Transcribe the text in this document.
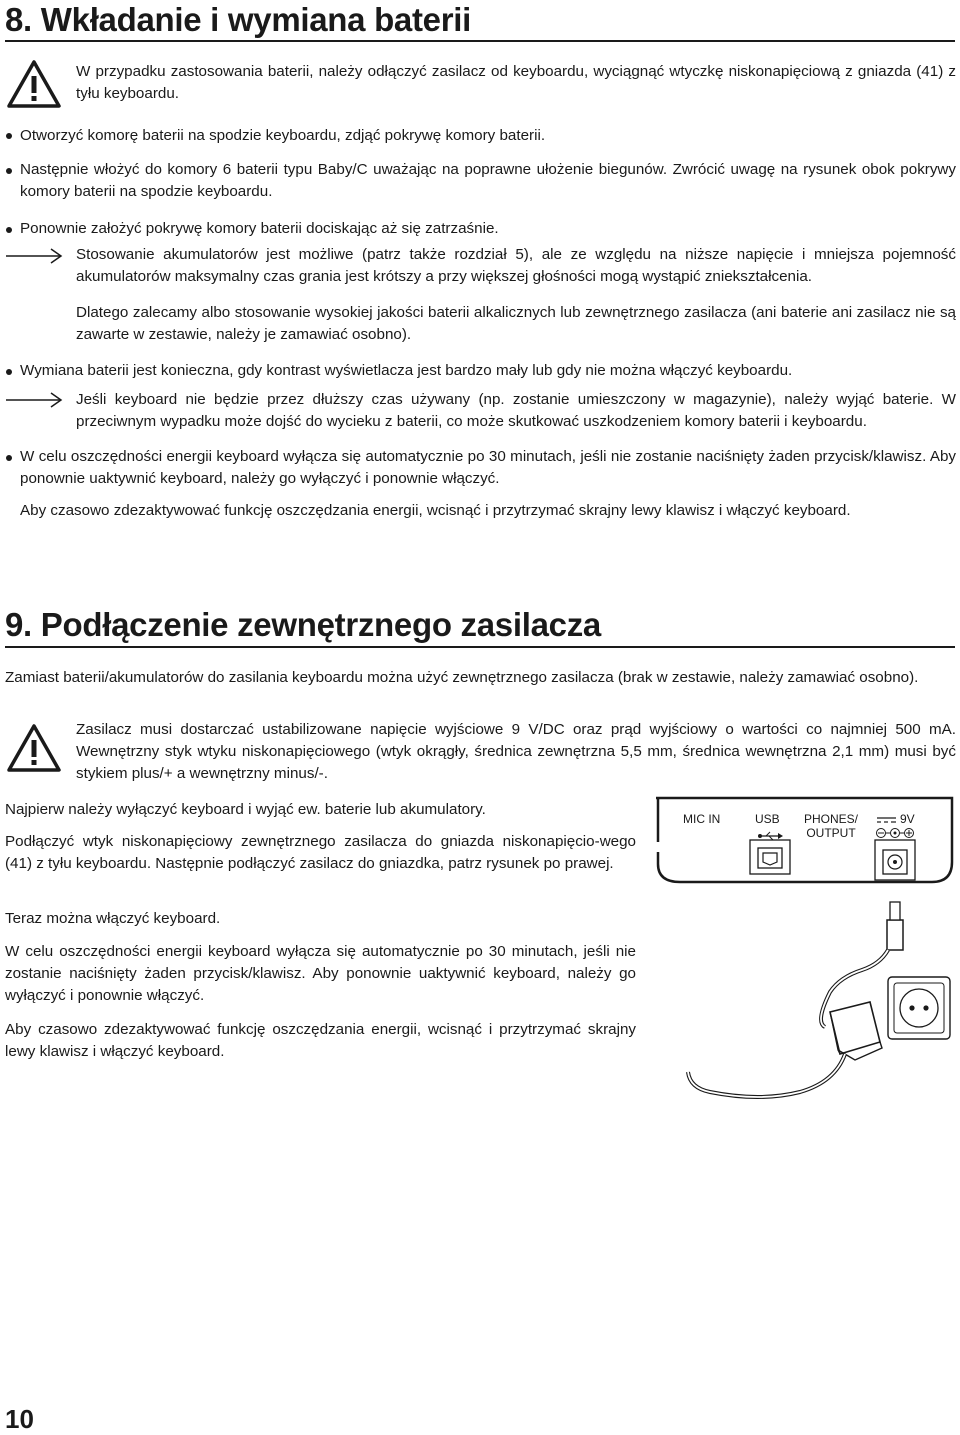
8. Wkładanie i wymiana baterii
W przypadku zastosowania baterii, należy odłączyć zasilacz od keyboardu, wyciągnąć wtyczkę niskonapięciową z gniazda (41) z tyłu keyboardu.
Otworzyć komorę baterii na spodzie keyboardu, zdjąć pokrywę komory baterii.
Następnie włożyć do komory 6 baterii typu Baby/C uważając na poprawne ułożenie biegunów. Zwrócić uwagę na rysunek obok pokrywy komory baterii na spodzie keyboardu.
Ponownie założyć pokrywę komory baterii dociskając aż się zatrzaśnie.
Stosowanie akumulatorów jest możliwe (patrz także rozdział 5), ale ze względu na niższe napięcie i mniejsza pojemność akumulatorów maksymalny czas grania jest krótszy a przy większej głośności mogą wystąpić zniekształcenia.
Dlatego zalecamy albo stosowanie wysokiej jakości baterii alkalicznych lub zewnętrznego zasilacza (ani baterie ani zasilacz nie są zawarte w zestawie, należy je zamawiać osobno).
Wymiana baterii jest konieczna, gdy kontrast wyświetlacza jest bardzo mały lub gdy nie można włączyć keyboardu.
Jeśli keyboard nie będzie przez dłuższy czas używany (np. zostanie umieszczony w magazynie), należy wyjąć baterie. W przeciwnym wypadku może dojść do wycieku z baterii, co może skutkować uszkodzeniem komory baterii i keyboardu.
W celu oszczędności energii keyboard wyłącza się automatycznie po 30 minutach, jeśli nie zostanie naciśnięty żaden przycisk/klawisz. Aby ponownie uaktywnić keyboard, należy go wyłączyć i ponownie włączyć.
Aby czasowo zdezaktywować funkcję oszczędzania energii, wcisnąć i przytrzymać skrajny lewy klawisz i włączyć keyboard.
9. Podłączenie zewnętrznego zasilacza
Zamiast baterii/akumulatorów do zasilania keyboardu można użyć zewnętrznego zasilacza (brak w zestawie, należy zamawiać osobno).
Zasilacz musi dostarczać ustabilizowane napięcie wyjściowe 9 V/DC oraz prąd wyjściowy o wartości co najmniej 500 mA. Wewnętrzny styk wtyku niskonapięciowego (wtyk okrągły, średnica zewnętrzna 5,5 mm, średnica wewnętrzna 2,1 mm) musi być stykiem plus/+ a wewnętrzny minus/-.
Najpierw należy wyłączyć keyboard i wyjąć ew. baterie lub akumulatory.
Podłączyć wtyk niskonapięciowy zewnętrznego zasilacza do gniazda niskonapięcio-wego (41) z tyłu keyboardu. Następnie podłączyć zasilacz do gniazdka, patrz rysunek po prawej.
Teraz można włączyć keyboard.
W celu oszczędności energii keyboard wyłącza się automatycznie po 30 minutach, jeśli nie zostanie naciśnięty żaden przycisk/klawisz. Aby ponownie uaktywnić keyboard, należy go wyłączyć i ponownie włączyć.
Aby czasowo zdezaktywować funkcję oszczędzania energii, wcisnąć i przytrzymać skrajny lewy klawisz i włączyć keyboard.
MIC IN	USB PHONES/
OUTPUT
9V
10
